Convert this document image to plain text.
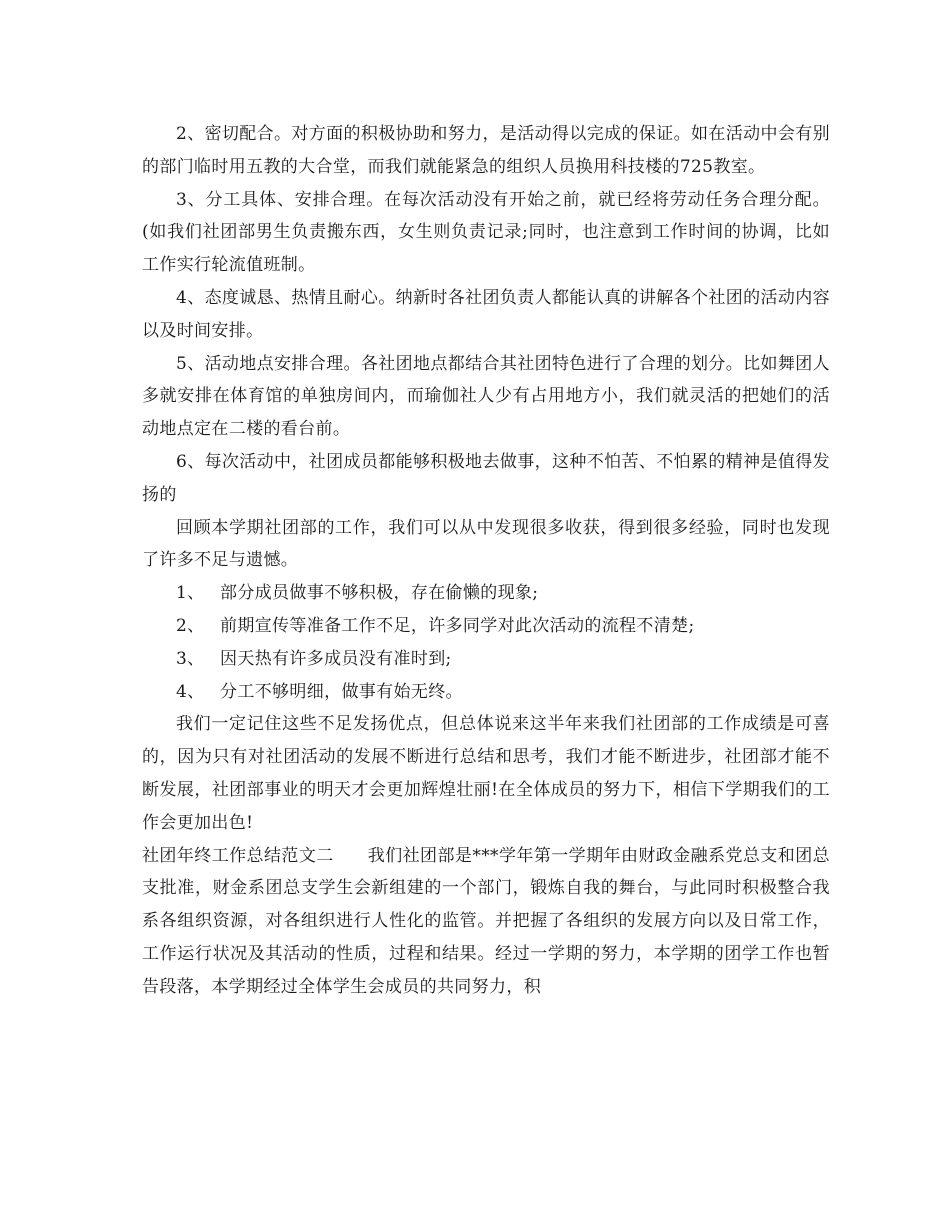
2、密切配合。对方面的积极协助和努力，是活动得以完成的保证。如在活动中会有别的部门临时用五教的大合堂，而我们就能紧急的组织人员换用科技楼的725教室。

3、分工具体、安排合理。在每次活动没有开始之前，就已经将劳动任务合理分配。(如我们社团部男生负责搬东西，女生则负责记录;同时，也注意到工作时间的协调，比如工作实行轮流值班制。

4、态度诚恳、热情且耐心。纳新时各社团负责人都能认真的讲解各个社团的活动内容以及时间安排。

5、活动地点安排合理。各社团地点都结合其社团特色进行了合理的划分。比如舞团人多就安排在体育馆的单独房间内，而瑜伽社人少有占用地方小，我们就灵活的把她们的活动地点定在二楼的看台前。

6、每次活动中，社团成员都能够积极地去做事，这种不怕苦、不怕累的精神是值得发扬的

回顾本学期社团部的工作，我们可以从中发现很多收获，得到很多经验，同时也发现了许多不足与遗憾。

1、 部分成员做事不够积极，存在偷懒的现象;

2、 前期宣传等准备工作不足，许多同学对此次活动的流程不清楚;

3、 因天热有许多成员没有准时到;

4、 分工不够明细，做事有始无终。

我们一定记住这些不足发扬优点，但总体说来这半年来我们社团部的工作成绩是可喜的，因为只有对社团活动的发展不断进行总结和思考，我们才能不断进步，社团部才能不断发展，社团部事业的明天才会更加辉煌壮丽!在全体成员的努力下，相信下学期我们的工作会更加出色!

社团年终工作总结范文二 我们社团部是***学年第一学期年由财政金融系党总支和团总支批准，财金系团总支学生会新组建的一个部门，锻炼自我的舞台，与此同时积极整合我系各组织资源，对各组织进行人性化的监管。并把握了各组织的发展方向以及日常工作，工作运行状况及其活动的性质，过程和结果。经过一学期的努力，本学期的团学工作也暂告段落，本学期经过全体学生会成员的共同努力，积
